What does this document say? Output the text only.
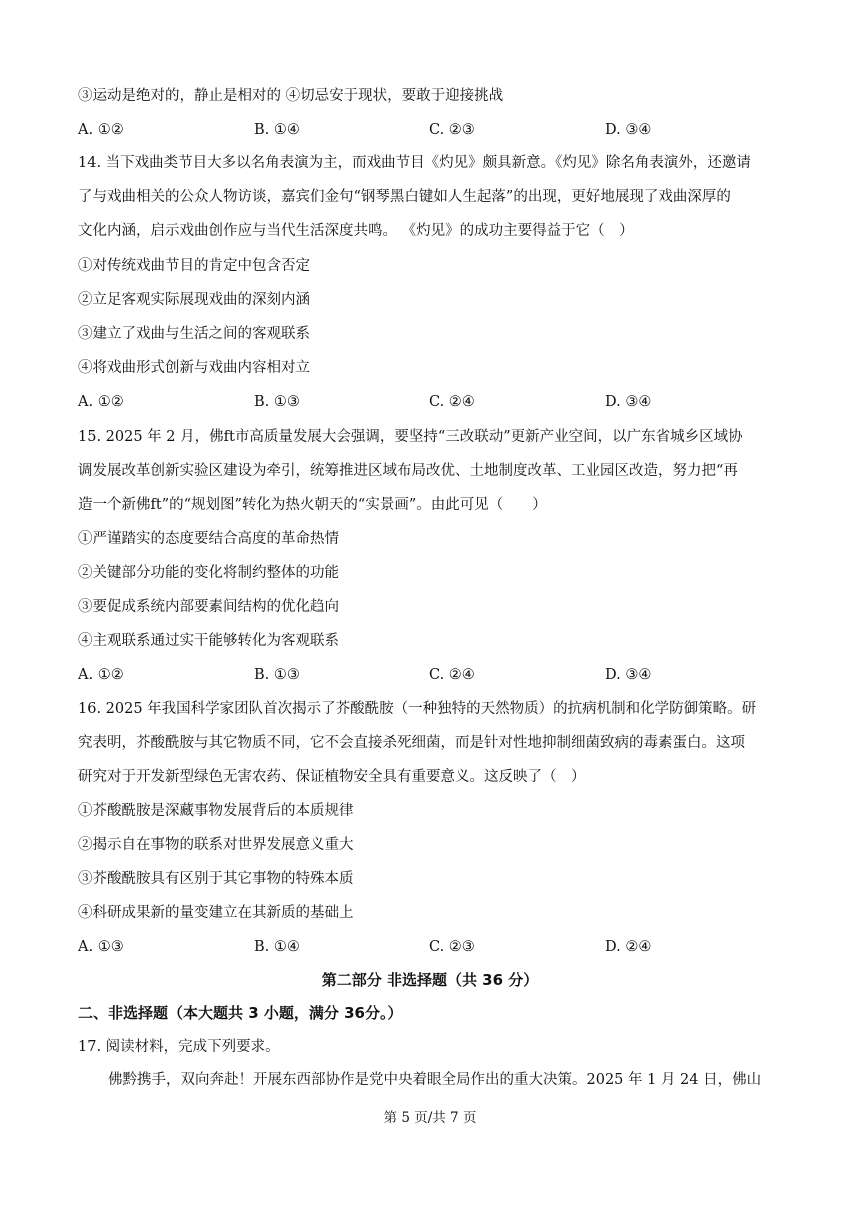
③运动是绝对的，静止是相对的 ④切忌安于现状，要敢于迎接挑战
A. ①②	B. ①④	C. ②③	D. ③④
14. 当下戏曲类节目大多以名角表演为主，而戏曲节目《灼见》颇具新意。《灼见》除名角表演外，还邀请
了与戏曲相关的公众人物访谈，嘉宾们金句“钢琴黑白键如人生起落”的出现，更好地展现了戏曲深厚的
文化内涵，启示戏曲创作应与当代生活深度共鸣。 《灼见》的成功主要得益于它（　）
①对传统戏曲节目的肯定中包含否定
②立足客观实际展现戏曲的深刻内涵
③建立了戏曲与生活之间的客观联系
④将戏曲形式创新与戏曲内容相对立
A. ①②	B. ①③	C. ②④	D. ③④
15. 2025 年 2 月，佛ft市高质量发展大会强调，要坚持“三改联动”更新产业空间，以广东省城乡区域协
调发展改革创新实验区建设为牵引，统筹推进区域布局改优、土地制度改革、工业园区改造，努力把“再
造一个新佛ft”的“规划图”转化为热火朝天的“实景画”。由此可见（　　）
①严谨踏实的态度要结合高度的革命热情
②关键部分功能的变化将制约整体的功能
③要促成系统内部要素间结构的优化趋向
④主观联系通过实干能够转化为客观联系
A. ①②	B. ①③	C. ②④	D. ③④
16. 2025 年我国科学家团队首次揭示了芥酸酰胺（一种独特的天然物质）的抗病机制和化学防御策略。研
究表明，芥酸酰胺与其它物质不同，它不会直接杀死细菌，而是针对性地抑制细菌致病的毒素蛋白。这项
研究对于开发新型绿色无害农药、保证植物安全具有重要意义。这反映了（　）
①芥酸酰胺是深藏事物发展背后的本质规律
②揭示自在事物的联系对世界发展意义重大
③芥酸酰胺具有区别于其它事物的特殊本质
④科研成果新的量变建立在其新质的基础上
A. ①③	B. ①④	C. ②③	D. ②④
第二部分 非选择题（共 36 分）
二、非选择题（本大题共 3 小题，满分 36分。）
17. 阅读材料，完成下列要求。
佛黔携手，双向奔赴！开展东西部协作是党中央着眼全局作出的重大决策。2025 年 1 月 24 日，佛山
第 5 页/共 7 页
